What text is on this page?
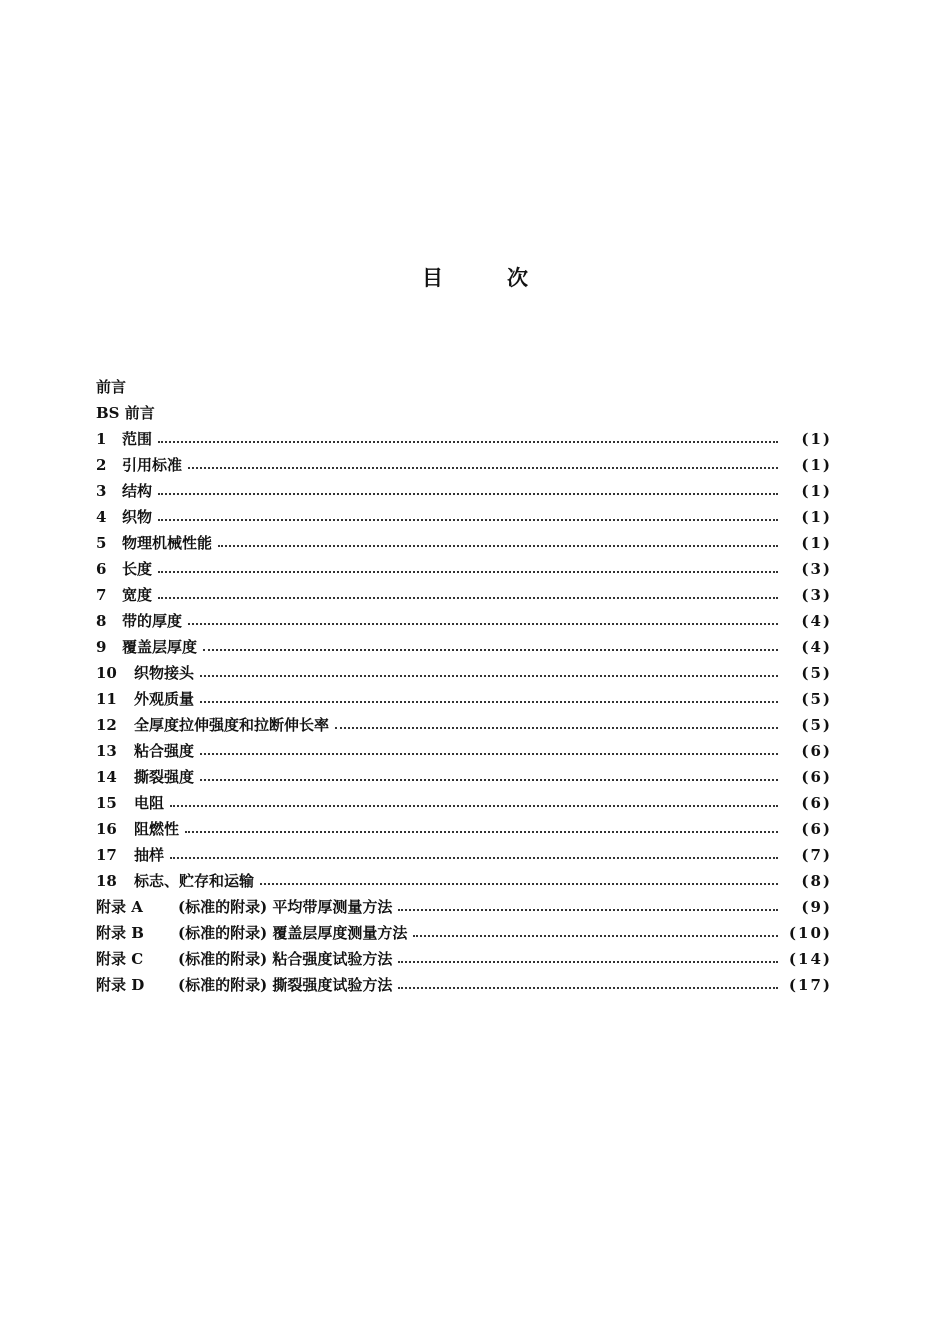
目	次
前言
BS 前言
1	范围	(1)
2	引用标准	(1)
3	结构	(1)
4	织物	(1)
5	物理机械性能	(1)
6	长度	(3)
7	宽度	(3)
8	带的厚度	(4)
9	覆盖层厚度	(4)
10	织物接头	(5)
11	外观质量	(5)
12	全厚度拉伸强度和拉断伸长率	(5)
13	粘合强度	(6)
14	撕裂强度	(6)
15	电阻	(6)
16	阻燃性	(6)
17	抽样	(7)
18	标志、贮存和运输	(8)
附录 A	(标准的附录) 平均带厚测量方法	(9)
附录 B	(标准的附录) 覆盖层厚度测量方法	(10)
附录 C	(标准的附录) 粘合强度试验方法	(14)
附录 D	(标准的附录) 撕裂强度试验方法	(17)
